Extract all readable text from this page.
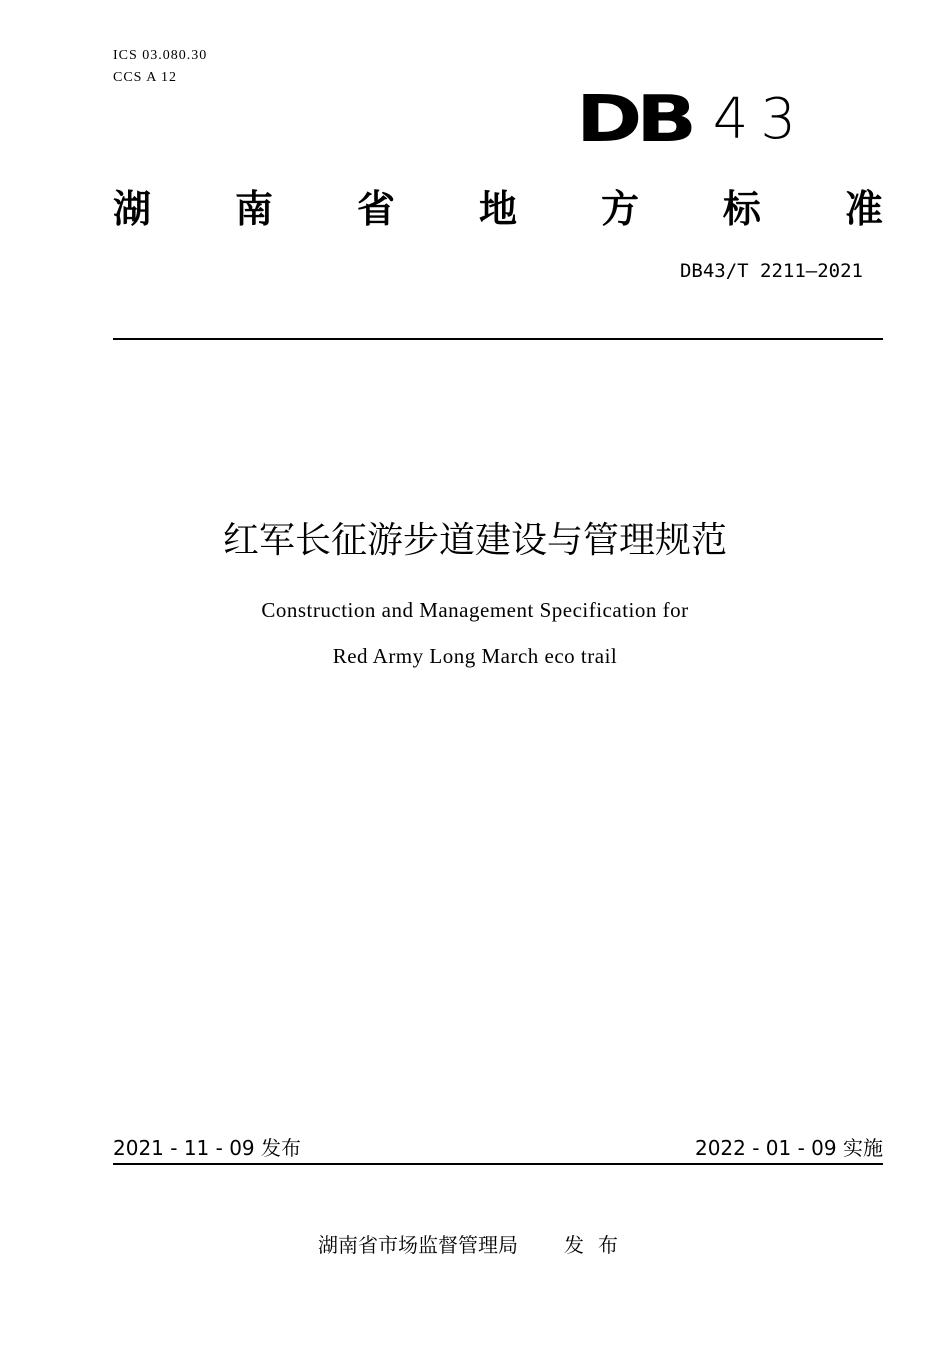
ICS 03.080.30
CCS A 12
DB 43
湖 南 省 地 方 标 准
DB43/T 2211—2021
红军长征游步道建设与管理规范
Construction and Management Specification for
Red Army Long March eco trail
2021 - 11 - 09 发布	2022 - 01 - 09 实施
湖南省市场监督管理局 发布
